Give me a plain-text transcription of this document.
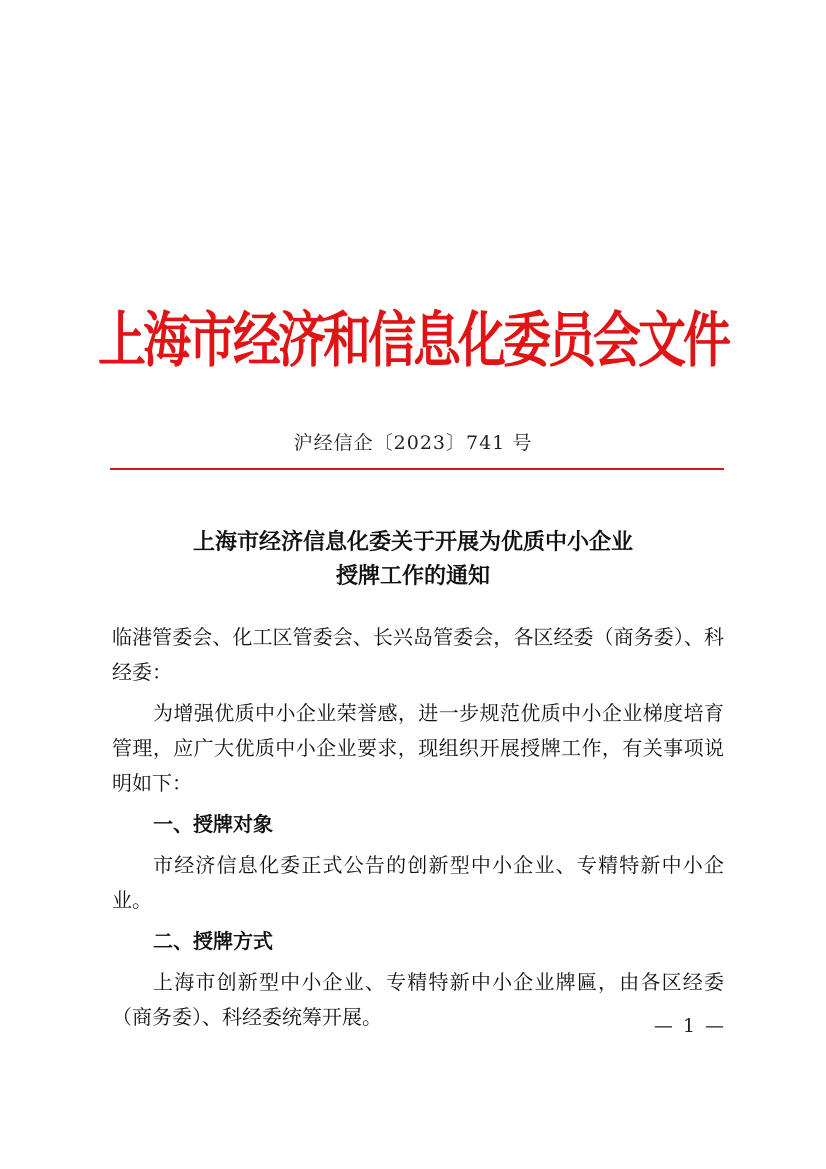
上海市经济和信息化委员会文件
沪经信企〔2023〕741 号
上海市经济信息化委关于开展为优质中小企业
授牌工作的通知

临港管委会、化工区管委会、长兴岛管委会，各区经委（商务委）、科经委：

为增强优质中小企业荣誉感，进一步规范优质中小企业梯度培育管理，应广大优质中小企业要求，现组织开展授牌工作，有关事项说明如下：

一、授牌对象

市经济信息化委正式公告的创新型中小企业、专精特新中小企业。

二、授牌方式

上海市创新型中小企业、专精特新中小企业牌匾，由各区经委（商务委）、科经委统筹开展。	— 1 —
